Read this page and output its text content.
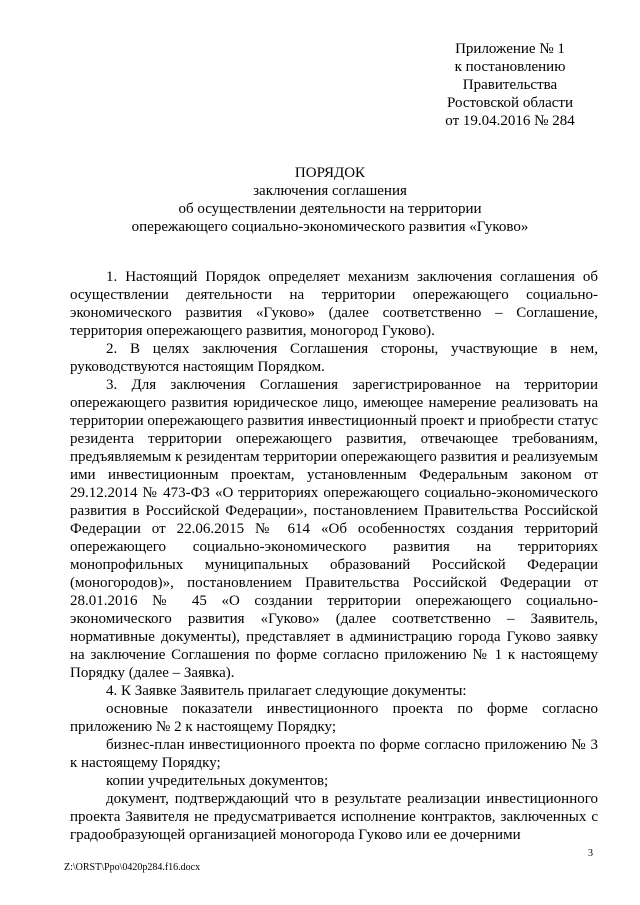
Приложение № 1
к постановлению
Правительства
Ростовской области
от 19.04.2016 № 284
ПОРЯДОК
заключения соглашения
об осуществлении деятельности на территории
опережающего социально-экономического развития «Гуково»

1. Настоящий Порядок определяет механизм заключения соглашения об осуществлении деятельности на территории опережающего социально-экономического развития «Гуково» (далее соответственно – Соглашение, территория опережающего развития, моногород Гуково).

2. В целях заключения Соглашения стороны, участвующие в нем, руководствуются настоящим Порядком.

3. Для заключения Соглашения зарегистрированное на территории опережающего развития юридическое лицо, имеющее намерение реализовать на территории опережающего развития инвестиционный проект и приобрести статус резидента территории опережающего развития, отвечающее требованиям, предъявляемым к резидентам территории опережающего развития и реализуемым ими инвестиционным проектам, установленным Федеральным законом от 29.12.2014 № 473-ФЗ «О территориях опережающего социально-экономического развития в Российской Федерации», постановлением Правительства Российской Федерации от 22.06.2015 № 614 «Об особенностях создания территорий опережающего социально-экономического развития на территориях монопрофильных муниципальных образований Российской Федерации (моногородов)», постановлением Правительства Российской Федерации от 28.01.2016 № 45 «О создании территории опережающего социально-экономического развития «Гуково» (далее соответственно – Заявитель, нормативные документы), представляет в администрацию города Гуково заявку на заключение Соглашения по форме согласно приложению № 1 к настоящему Порядку (далее – Заявка).

4. К Заявке Заявитель прилагает следующие документы:

основные показатели инвестиционного проекта по форме согласно приложению № 2 к настоящему Порядку;

бизнес-план инвестиционного проекта по форме согласно приложению № 3 к настоящему Порядку;

копии учредительных документов;

документ, подтверждающий что в результате реализации инвестиционного проекта Заявителя не предусматривается исполнение контрактов, заключенных с градообразующей организацией моногорода Гуково или ее дочерними

3
Z:\ORST\Ppo\0420p284.f16.docx
